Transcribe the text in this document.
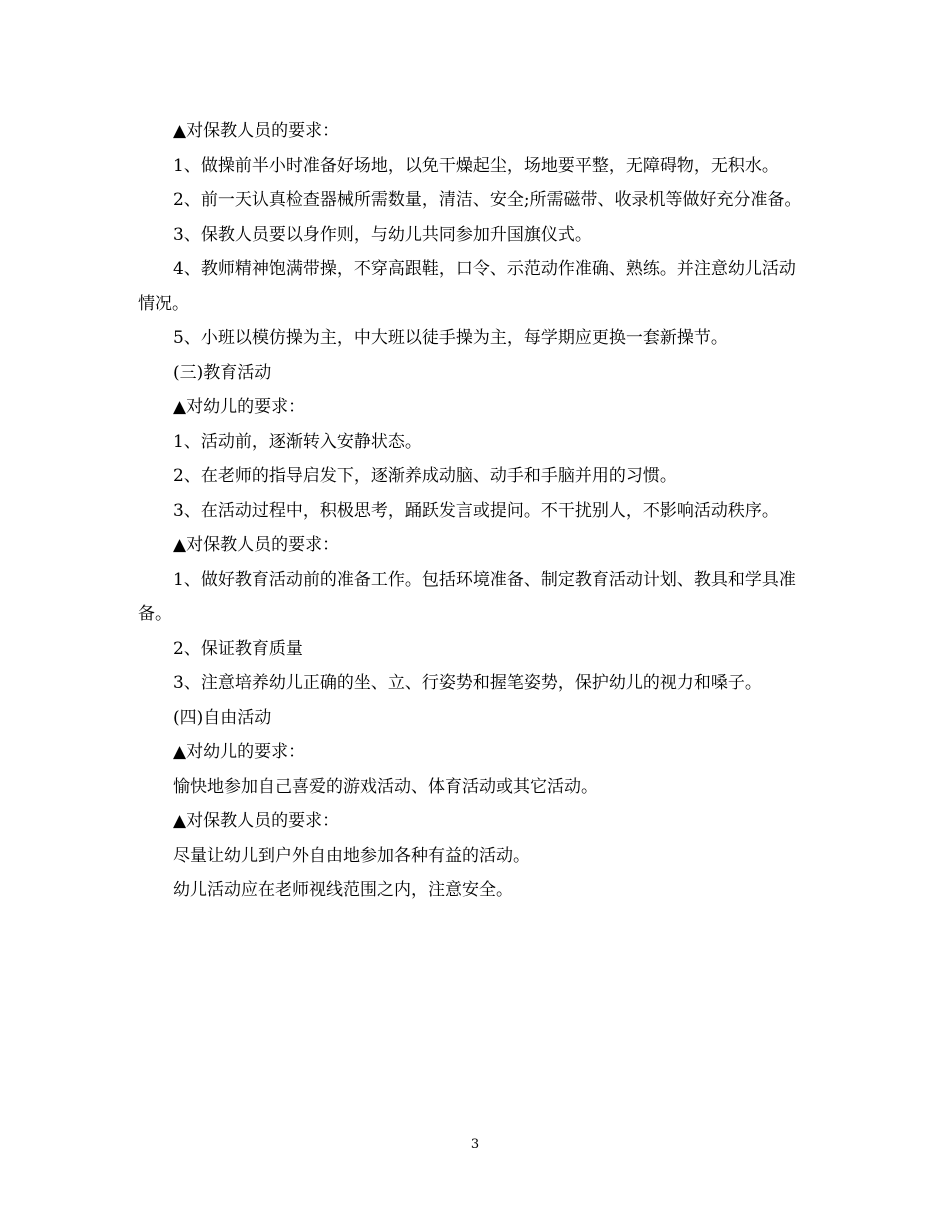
▲对保教人员的要求：

1、做操前半小时准备好场地，以免干燥起尘，场地要平整，无障碍物，无积水。

2、前一天认真检查器械所需数量，清洁、安全;所需磁带、收录机等做好充分准备。

3、保教人员要以身作则，与幼儿共同参加升国旗仪式。

4、教师精神饱满带操，不穿高跟鞋，口令、示范动作准确、熟练。并注意幼儿活动情况。

5、小班以模仿操为主，中大班以徒手操为主，每学期应更换一套新操节。

(三)教育活动

▲对幼儿的要求：

1、活动前，逐渐转入安静状态。

2、在老师的指导启发下，逐渐养成动脑、动手和手脑并用的习惯。

3、在活动过程中，积极思考，踊跃发言或提问。不干扰别人，不影响活动秩序。

▲对保教人员的要求：

1、做好教育活动前的准备工作。包括环境准备、制定教育活动计划、教具和学具准备。

2、保证教育质量

3、注意培养幼儿正确的坐、立、行姿势和握笔姿势，保护幼儿的视力和嗓子。

(四)自由活动

▲对幼儿的要求：

愉快地参加自己喜爱的游戏活动、体育活动或其它活动。

▲对保教人员的要求：

尽量让幼儿到户外自由地参加各种有益的活动。

幼儿活动应在老师视线范围之内，注意安全。

3
